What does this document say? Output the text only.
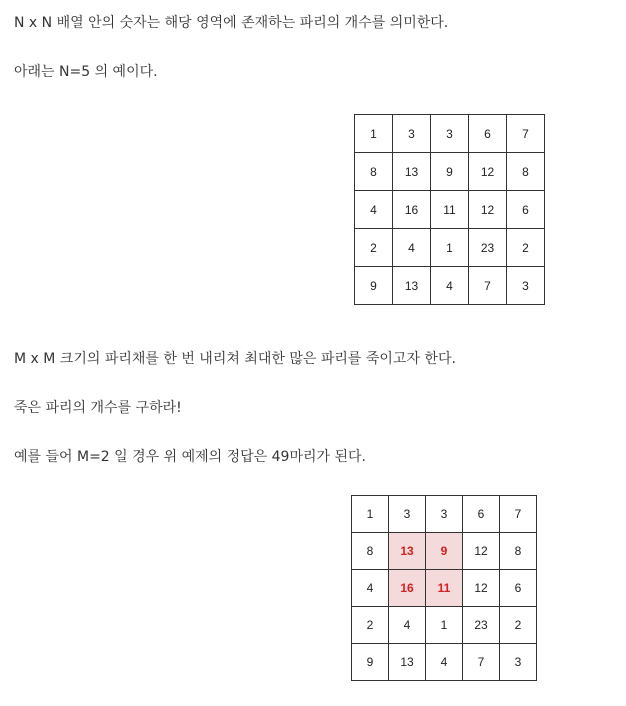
N x N 배열 안의 숫자는 해당 영역에 존재하는 파리의 개수를 의미한다.

아래는 N=5 의 예이다.

1	3	3	6	7
8	13	9	12	8
4	16	11	12	6
2	4	1	23	2
9	13	4	7	3

M x M 크기의 파리채를 한 번 내리쳐 최대한 많은 파리를 죽이고자 한다.

죽은 파리의 개수를 구하라!

예를 들어 M=2 일 경우 위 예제의 정답은 49마리가 된다.

1	3	3	6	7
8	13	9	12	8
4	16	11	12	6
2	4	1	23	2
9	13	4	7	3
